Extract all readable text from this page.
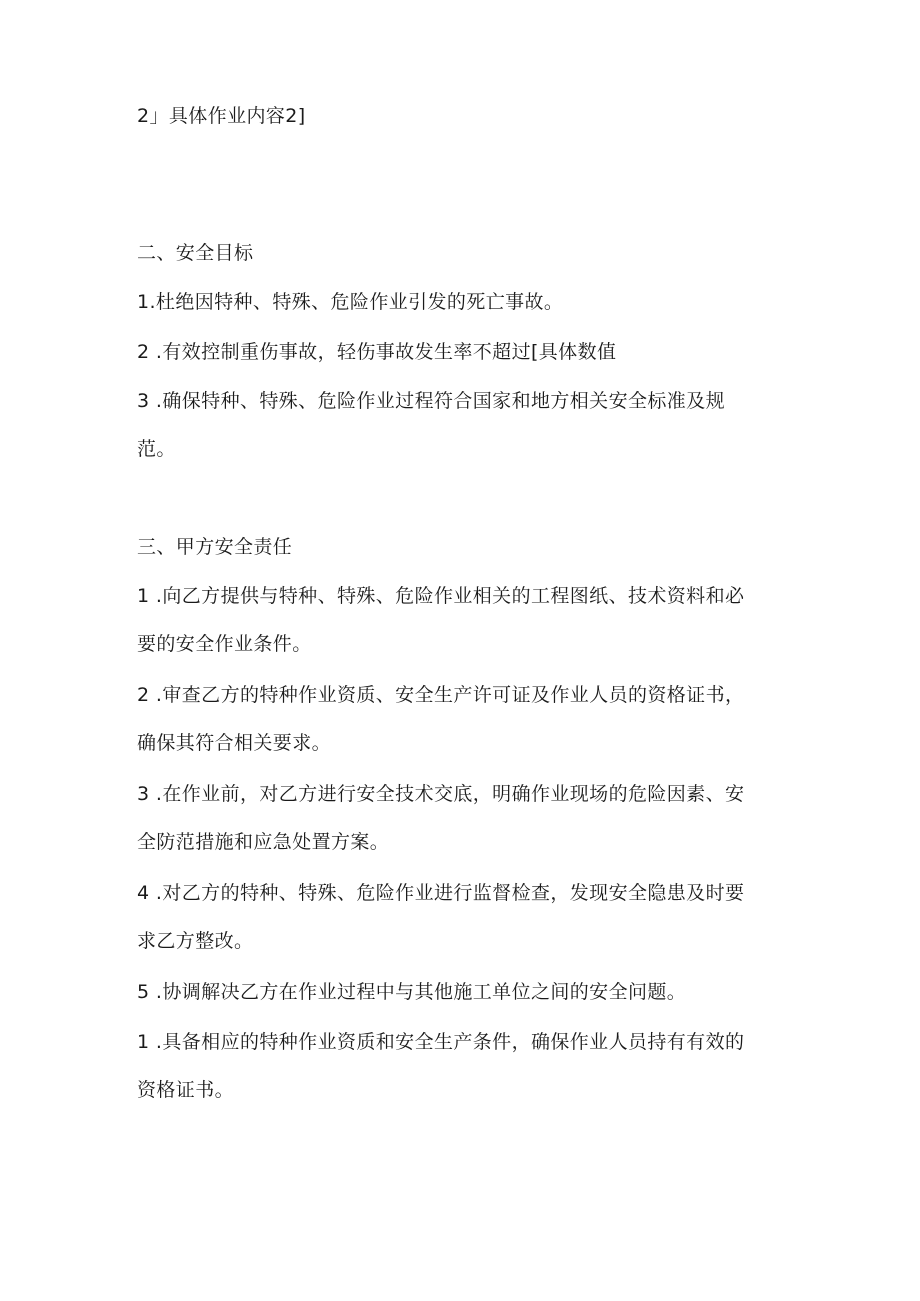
2」具体作业内容2]
二、安全目标
1.杜绝因特种、特殊、危险作业引发的死亡事故。
2 .有效控制重伤事故，轻伤事故发生率不超过[具体数值
3 .确保特种、特殊、危险作业过程符合国家和地方相关安全标准及规
范。
三、甲方安全责任
1 .向乙方提供与特种、特殊、危险作业相关的工程图纸、技术资料和必
要的安全作业条件。
2 .审查乙方的特种作业资质、安全生产许可证及作业人员的资格证书，
确保其符合相关要求。
3 .在作业前，对乙方进行安全技术交底，明确作业现场的危险因素、安
全防范措施和应急处置方案。
4 .对乙方的特种、特殊、危险作业进行监督检查，发现安全隐患及时要
求乙方整改。
5 .协调解决乙方在作业过程中与其他施工单位之间的安全问题。
1 .具备相应的特种作业资质和安全生产条件，确保作业人员持有有效的
资格证书。
